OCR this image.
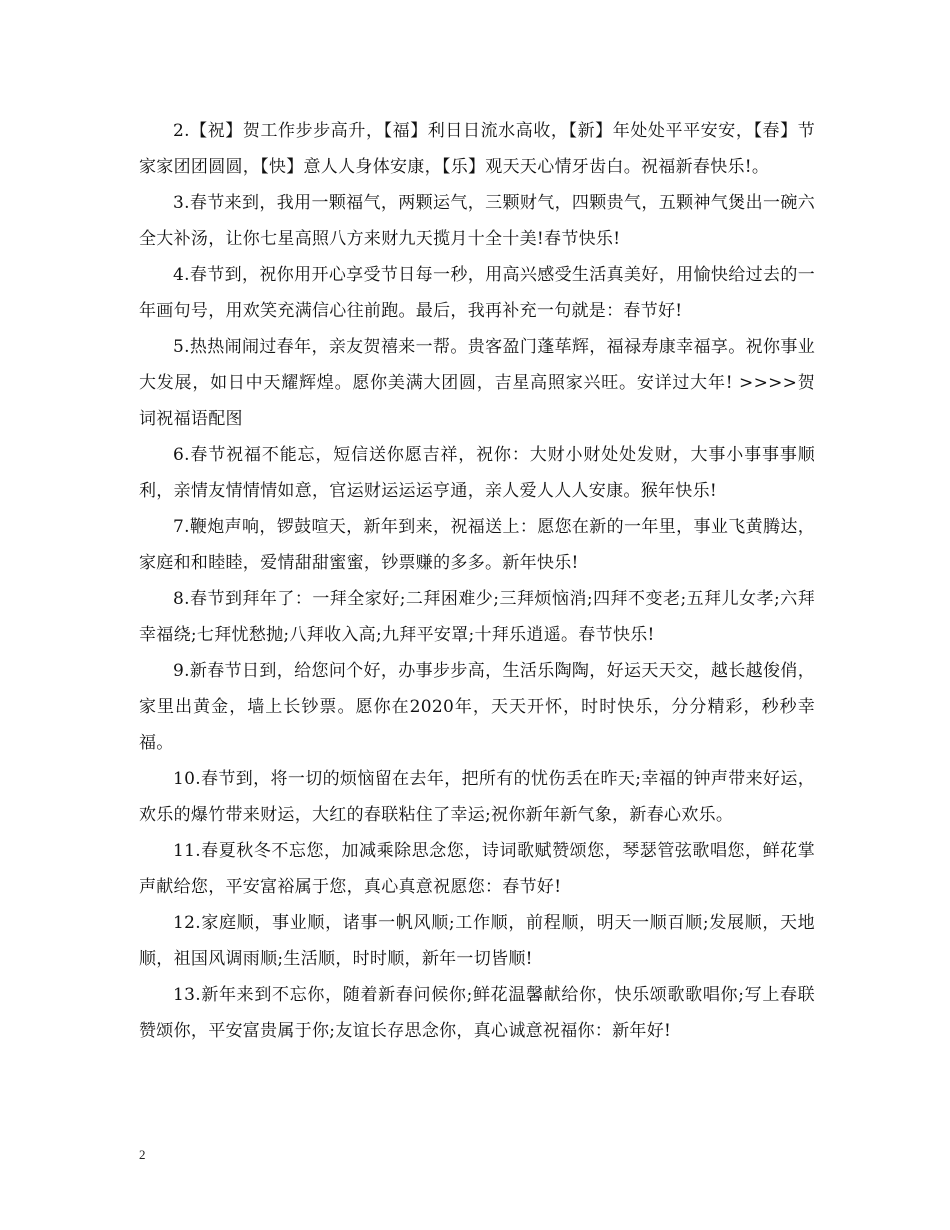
2.【祝】贺工作步步高升，【福】利日日流水高收，【新】年处处平平安安，【春】节家家团团圆圆，【快】意人人身体安康，【乐】观天天心情牙齿白。祝福新春快乐!。

3.春节来到，我用一颗福气，两颗运气，三颗财气，四颗贵气，五颗神气煲出一碗六全大补汤，让你七星高照八方来财九天揽月十全十美!春节快乐!

4.春节到，祝你用开心享受节日每一秒，用高兴感受生活真美好，用愉快给过去的一年画句号，用欢笑充满信心往前跑。最后，我再补充一句就是：春节好!

5.热热闹闹过春年，亲友贺禧来一帮。贵客盈门蓬荜辉，福禄寿康幸福享。祝你事业大发展，如日中天耀辉煌。愿你美满大团圆，吉星高照家兴旺。安详过大年! >>>>贺词祝福语配图

6.春节祝福不能忘，短信送你愿吉祥，祝你：大财小财处处发财，大事小事事事顺利，亲情友情情情如意，官运财运运运亨通，亲人爱人人人安康。猴年快乐!

7.鞭炮声响，锣鼓喧天，新年到来，祝福送上：愿您在新的一年里，事业飞黄腾达，家庭和和睦睦，爱情甜甜蜜蜜，钞票赚的多多。新年快乐!

8.春节到拜年了：一拜全家好;二拜困难少;三拜烦恼消;四拜不变老;五拜儿女孝;六拜幸福绕;七拜忧愁抛;八拜收入高;九拜平安罩;十拜乐逍遥。春节快乐!

9.新春节日到，给您问个好，办事步步高，生活乐陶陶，好运天天交，越长越俊俏，家里出黄金，墙上长钞票。愿你在2020年，天天开怀，时时快乐，分分精彩，秒秒幸福。

10.春节到，将一切的烦恼留在去年，把所有的忧伤丢在昨天;幸福的钟声带来好运，欢乐的爆竹带来财运，大红的春联粘住了幸运;祝你新年新气象，新春心欢乐。

11.春夏秋冬不忘您，加减乘除思念您，诗词歌赋赞颂您，琴瑟管弦歌唱您，鲜花掌声献给您，平安富裕属于您，真心真意祝愿您：春节好!

12.家庭顺，事业顺，诸事一帆风顺;工作顺，前程顺，明天一顺百顺;发展顺，天地顺，祖国风调雨顺;生活顺，时时顺，新年一切皆顺!

13.新年来到不忘你，随着新春问候你;鲜花温馨献给你，快乐颂歌歌唱你;写上春联赞颂你，平安富贵属于你;友谊长存思念你，真心诚意祝福你：新年好!

2
